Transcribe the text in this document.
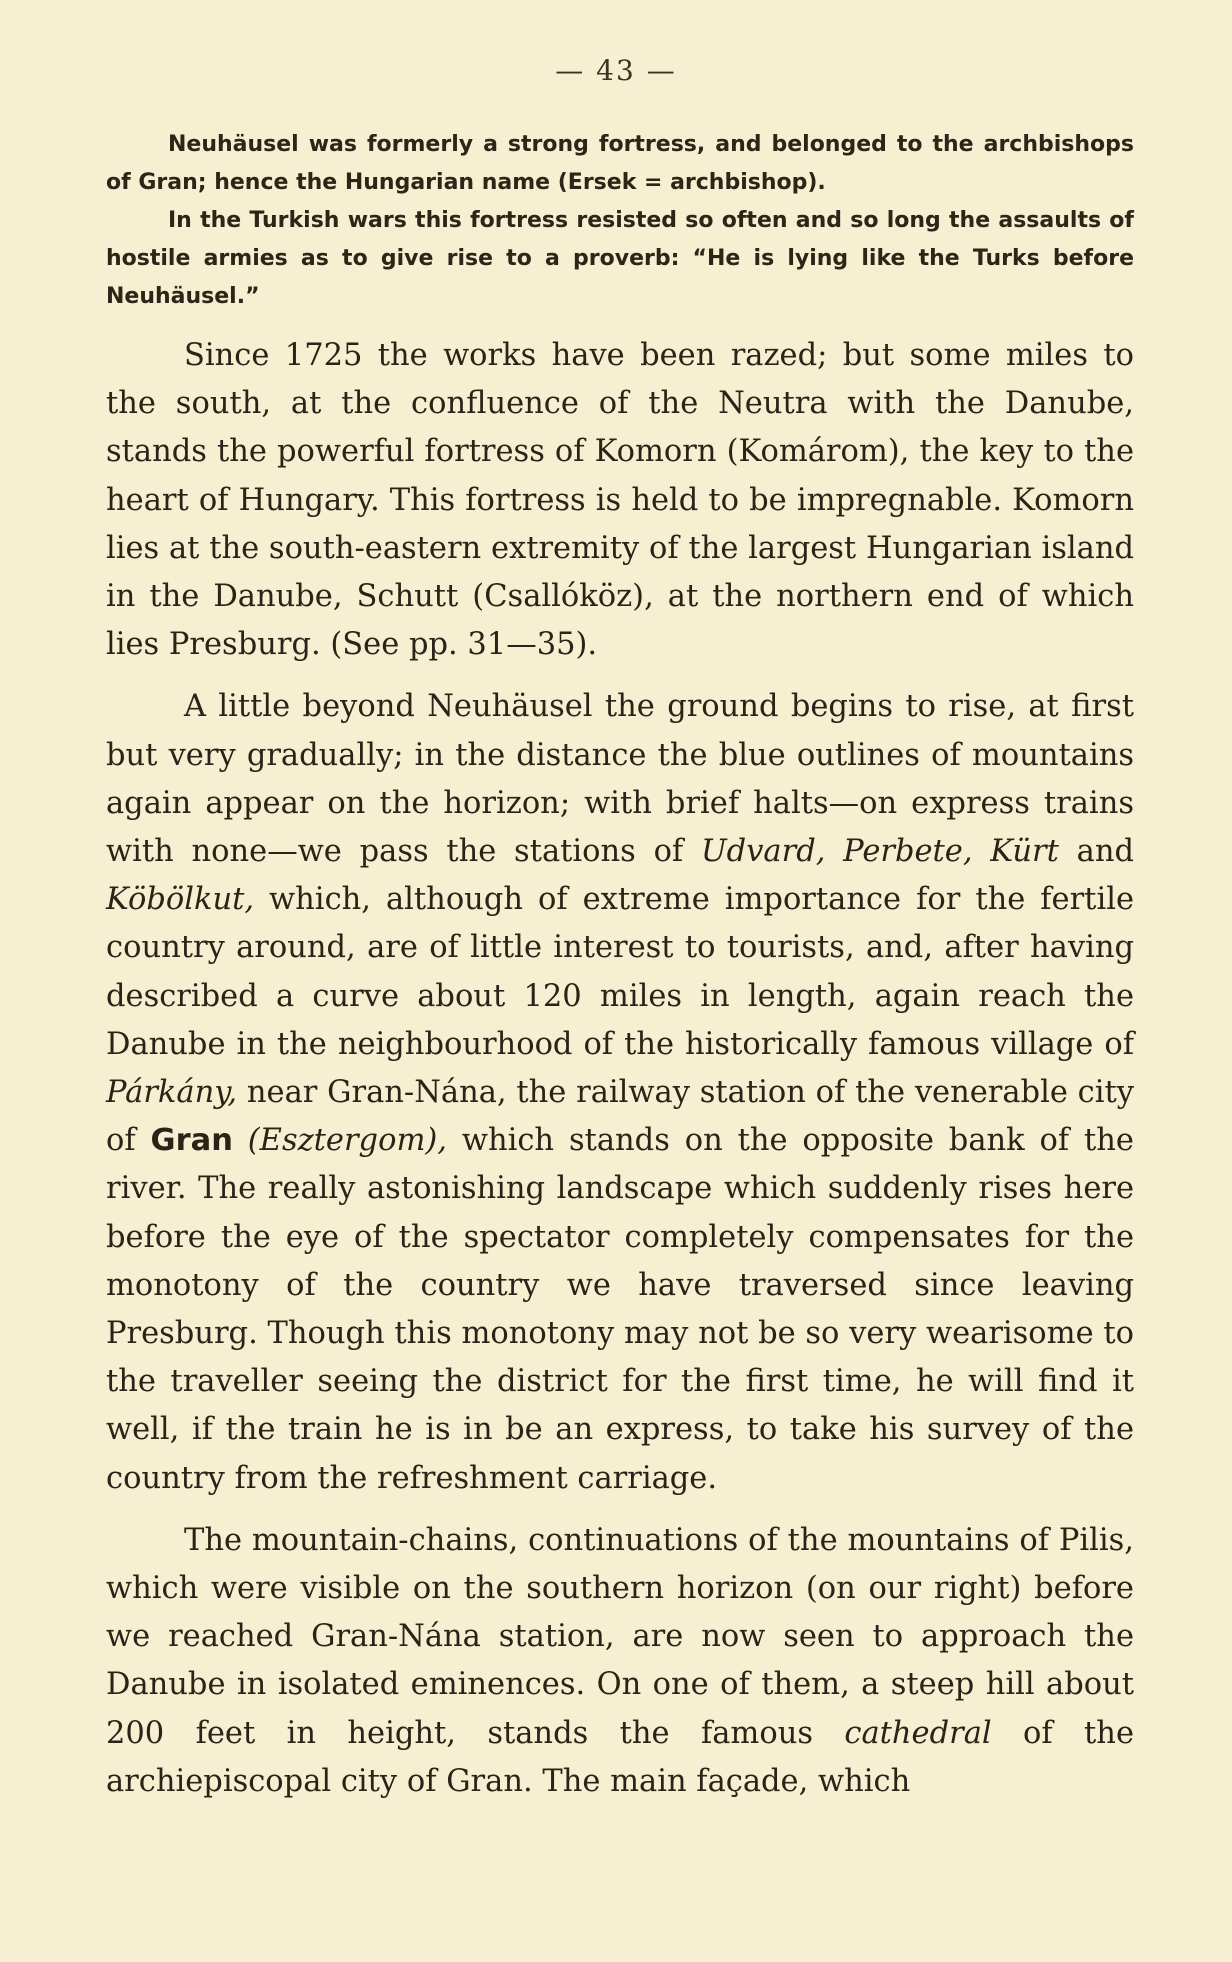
— 43 —

Neuhäusel was formerly a strong fortress, and belonged to the archbishops of Gran; hence the Hungarian name (Ersek = archbishop).

In the Turkish wars this fortress resisted so often and so long the assaults of hostile armies as to give rise to a proverb: “He is lying like the Turks before Neuhäusel.”

Since 1725 the works have been razed; but some miles to the south, at the confluence of the Neutra with the Danube, stands the powerful fortress of Komorn (Komárom), the key to the heart of Hungary. This fortress is held to be impregnable. Komorn lies at the south-eastern extremity of the largest Hungarian island in the Danube, Schutt (Csallóköz), at the northern end of which lies Presburg. (See pp. 31—35).

A little beyond Neuhäusel the ground begins to rise, at first but very gradually; in the distance the blue outlines of mountains again appear on the horizon; with brief halts—on express trains with none—we pass the stations of Udvard, Perbete, Kürt and Köbölkut, which, although of extreme importance for the fertile country around, are of little interest to tourists, and, after having described a curve about 120 miles in length, again reach the Danube in the neighbourhood of the historically famous village of Párkány, near Gran-Nána, the railway station of the venerable city of Gran (Esztergom), which stands on the opposite bank of the river. The really astonishing landscape which suddenly rises here before the eye of the spectator completely compensates for the monotony of the country we have traversed since leaving Presburg. Though this monotony may not be so very wearisome to the traveller seeing the district for the first time, he will find it well, if the train he is in be an express, to take his survey of the country from the refreshment carriage.

The mountain-chains, continuations of the mountains of Pilis, which were visible on the southern horizon (on our right) before we reached Gran-Nána station, are now seen to approach the Danube in isolated eminences. On one of them, a steep hill about 200 feet in height, stands the famous cathedral of the archiepiscopal city of Gran. The main façade, which
